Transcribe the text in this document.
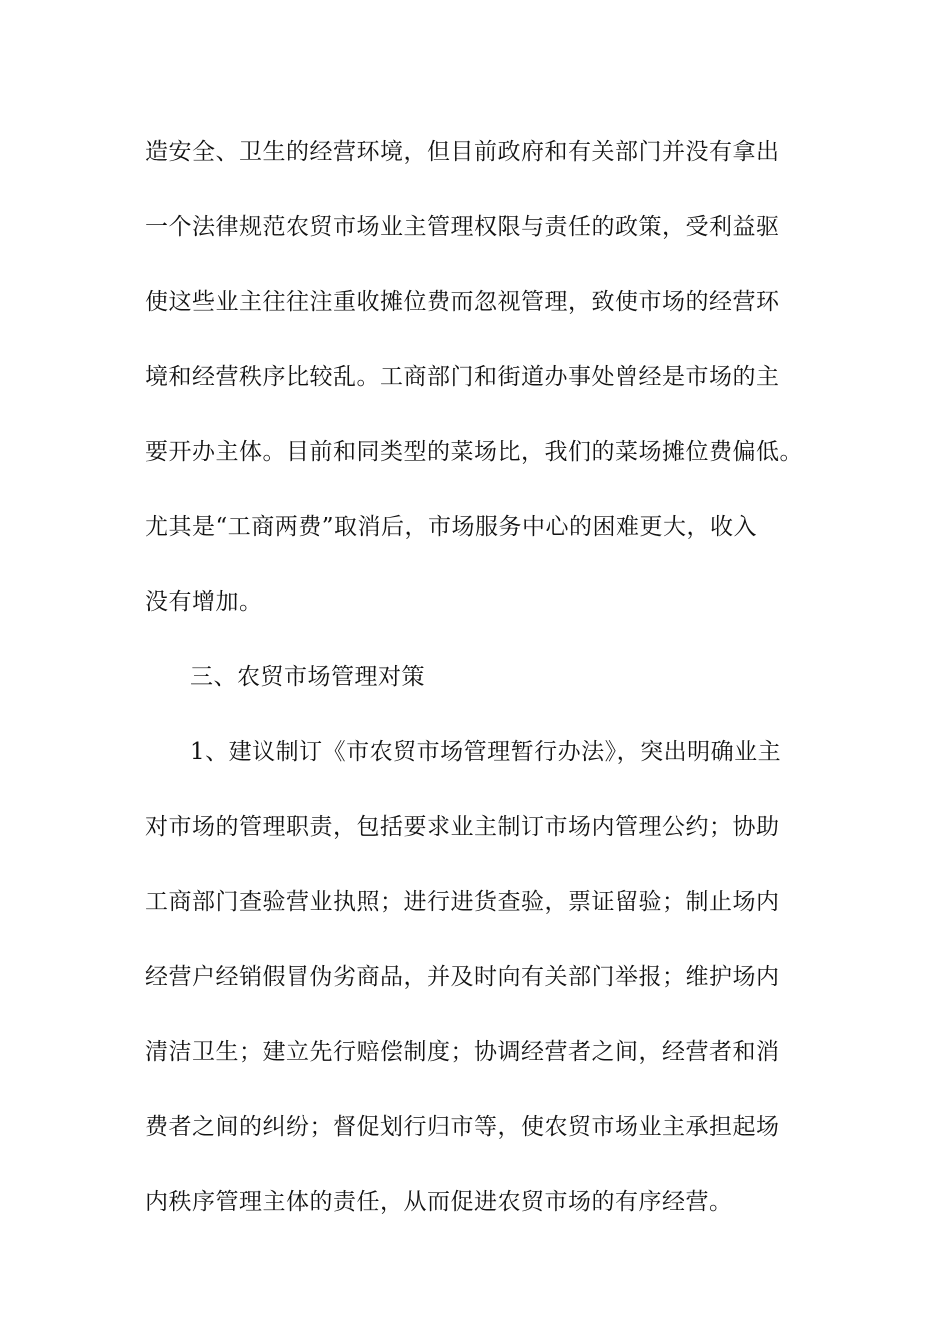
造安全、卫生的经营环境，但目前政府和有关部门并没有拿出

一个法律规范农贸市场业主管理权限与责任的政策，受利益驱

使这些业主往往注重收摊位费而忽视管理，致使市场的经营环

境和经营秩序比较乱。工商部门和街道办事处曾经是市场的主

要开办主体。目前和同类型的菜场比，我们的菜场摊位费偏低。

尤其是“工商两费”取消后，市场服务中心的困难更大，收入

没有增加。

三、农贸市场管理对策

1、建议制订《市农贸市场管理暂行办法》，突出明确业主

对市场的管理职责，包括要求业主制订市场内管理公约；协助

工商部门查验营业执照；进行进货查验，票证留验；制止场内

经营户经销假冒伪劣商品，并及时向有关部门举报；维护场内

清洁卫生；建立先行赔偿制度；协调经营者之间，经营者和消

费者之间的纠纷；督促划行归市等，使农贸市场业主承担起场

内秩序管理主体的责任，从而促进农贸市场的有序经营。
